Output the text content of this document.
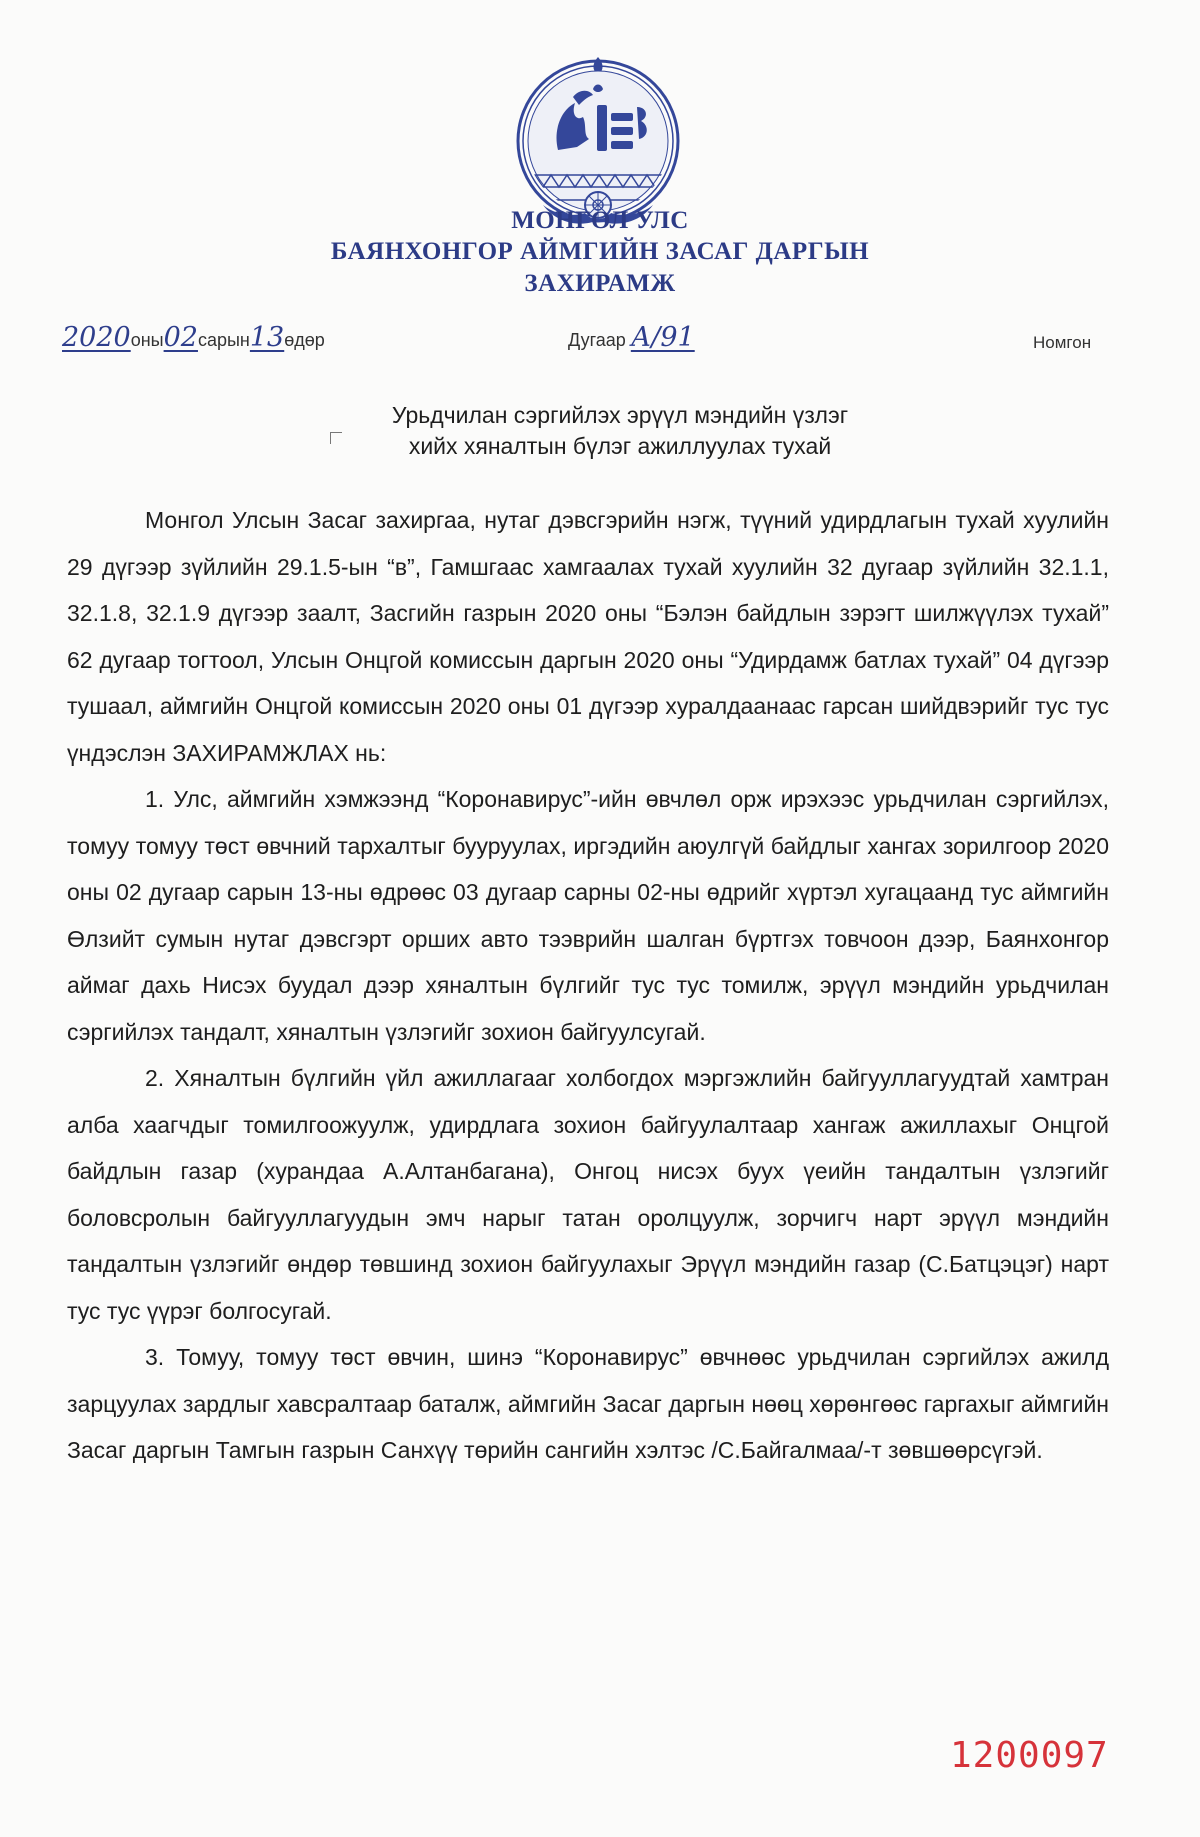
МОНГОЛ УЛС
БАЯНХОНГОР АЙМГИЙН ЗАСАГ ДАРГЫН
ЗАХИРАМЖ
2020оны02сарын13өдөр	Дугаар А/91	Номгон
Урьдчилан сэргийлэх эрүүл мэндийн үзлэг
хийх хяналтын бүлэг ажиллуулах тухай

Монгол Улсын Засаг захиргаа, нутаг дэвсгэрийн нэгж, түүний удирдлагын тухай хуулийн 29 дүгээр зүйлийн 29.1.5-ын “в”, Гамшгаас хамгаалах тухай хуулийн 32 дугаар зүйлийн 32.1.1, 32.1.8, 32.1.9 дүгээр заалт, Засгийн газрын 2020 оны “Бэлэн байдлын зэрэгт шилжүүлэх тухай” 62 дугаар тогтоол, Улсын Онцгой комиссын даргын 2020 оны “Удирдамж батлах тухай” 04 дүгээр тушаал, аймгийн Онцгой комиссын 2020 оны 01 дүгээр хуралдаанаас гарсан шийдвэрийг тус тус үндэслэн ЗАХИРАМЖЛАХ нь:

1. Улс, аймгийн хэмжээнд “Коронавирус”-ийн өвчлөл орж ирэхээс урьдчилан сэргийлэх, томуу томуу төст өвчний тархалтыг бууруулах, иргэдийн аюулгүй байдлыг хангах зорилгоор 2020 оны 02 дугаар сарын 13-ны өдрөөс 03 дугаар сарны 02-ны өдрийг хүртэл хугацаанд тус аймгийн Өлзийт сумын нутаг дэвсгэрт орших авто тээврийн шалган бүртгэх товчоон дээр, Баянхонгор аймаг дахь Нисэх буудал дээр хяналтын бүлгийг тус тус томилж, эрүүл мэндийн урьдчилан сэргийлэх тандалт, хяналтын үзлэгийг зохион байгуулсугай.

2. Хяналтын бүлгийн үйл ажиллагааг холбогдох мэргэжлийн байгууллагуудтай хамтран алба хаагчдыг томилгоожуулж, удирдлага зохион байгуулалтаар хангаж ажиллахыг Онцгой байдлын газар (хурандаа А.Алтанбагана), Онгоц нисэх буух үеийн тандалтын үзлэгийг боловсролын байгууллагуудын эмч нарыг татан оролцуулж, зорчигч нарт эрүүл мэндийн тандалтын үзлэгийг өндөр төвшинд зохион байгуулахыг Эрүүл мэндийн газар (С.Батцэцэг) нарт тус тус үүрэг болгосугай.

3. Томуу, томуу төст өвчин, шинэ “Коронавирус” өвчнөөс урьдчилан сэргийлэх ажилд зарцуулах зардлыг хавсралтаар баталж, аймгийн Засаг даргын нөөц хөрөнгөөс гаргахыг аймгийн Засаг даргын Тамгын газрын Санхүү төрийн сангийн хэлтэс /С.Байгалмаа/-т зөвшөөрсүгэй.

1200097
